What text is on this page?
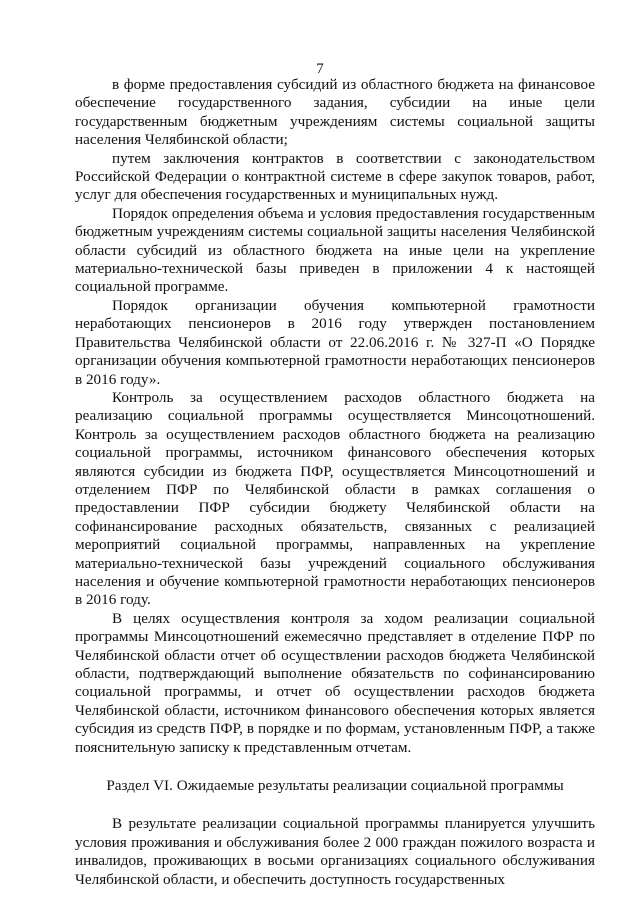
7

в форме предоставления субсидий из областного бюджета на финансовое обеспечение государственного задания, субсидии на иные цели государственным бюджетным учреждениям системы социальной защиты населения Челябинской области;

путем заключения контрактов в соответствии с законодательством Российской Федерации о контрактной системе в сфере закупок товаров, работ, услуг для обеспечения государственных и муниципальных нужд.

Порядок определения объема и условия предоставления государственным бюджетным учреждениям системы социальной защиты населения Челябинской области субсидий из областного бюджета на иные цели на укрепление материально-технической базы приведен в приложении 4 к настоящей социальной программе.

Порядок организации обучения компьютерной грамотности неработающих пенсионеров в 2016 году утвержден постановлением Правительства Челябинской области от 22.06.2016 г. № 327-П «О Порядке организации обучения компьютерной грамотности неработающих пенсионеров в 2016 году».

Контроль за осуществлением расходов областного бюджета на реализацию социальной программы осуществляется Минсоцотношений. Контроль за осуществлением расходов областного бюджета на реализацию социальной программы, источником финансового обеспечения которых являются субсидии из бюджета ПФР, осуществляется Минсоцотношений и отделением ПФР по Челябинской области в рамках соглашения о предоставлении ПФР субсидии бюджету Челябинской области на софинансирование расходных обязательств, связанных с реализацией мероприятий социальной программы, направленных на укрепление материально-технической базы учреждений социального обслуживания населения и обучение компьютерной грамотности неработающих пенсионеров в 2016 году.

В целях осуществления контроля за ходом реализации социальной программы Минсоцотношений ежемесячно представляет в отделение ПФР по Челябинской области отчет об осуществлении расходов бюджета Челябинской области, подтверждающий выполнение обязательств по софинансированию социальной программы, и отчет об осуществлении расходов бюджета Челябинской области, источником финансового обеспечения которых является субсидия из средств ПФР, в порядке и по формам, установленным ПФР, а также пояснительную записку к представленным отчетам.

Раздел VI. Ожидаемые результаты реализации социальной программы

В результате реализации социальной программы планируется улучшить условия проживания и обслуживания более 2 000 граждан пожилого возраста и инвалидов, проживающих в восьми организациях социального обслуживания Челябинской области, и обеспечить доступность государственных
